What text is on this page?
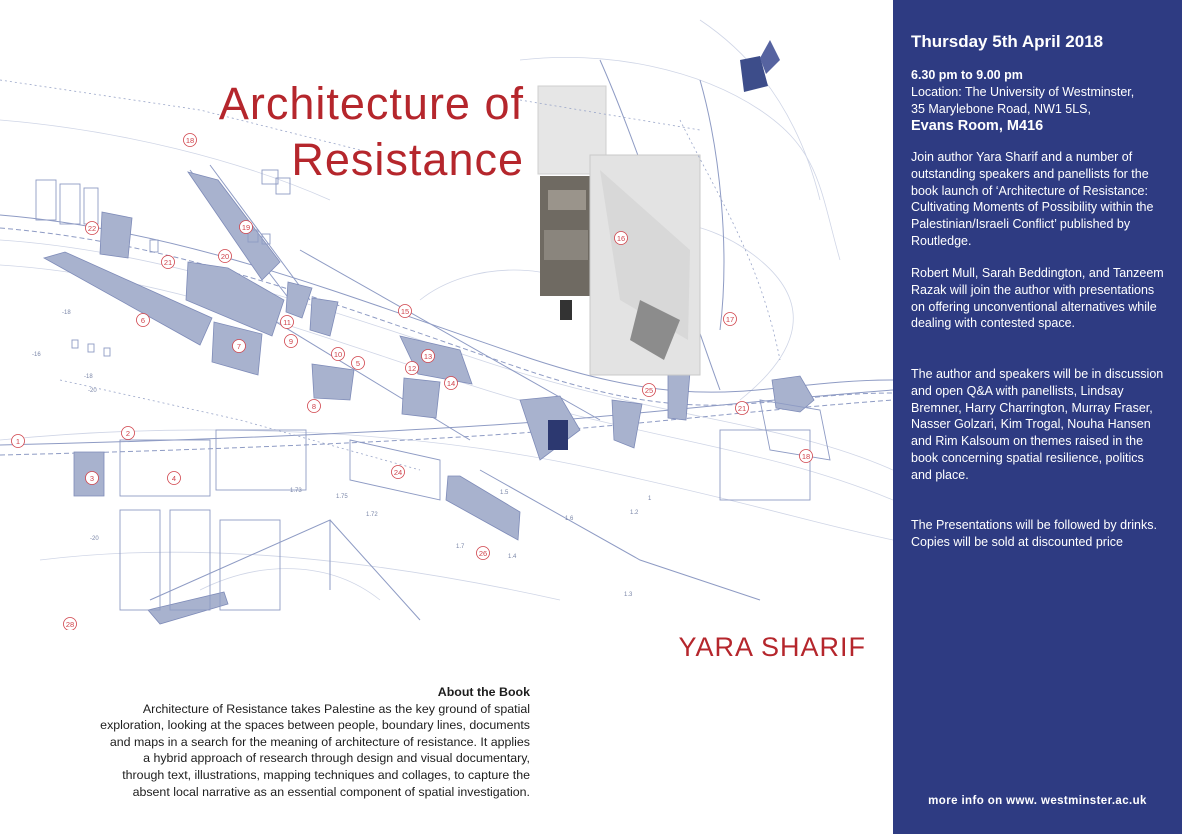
18
22
21
20
19
6
7
11
9
10
8
5
15
13
12
14
4
3
2
1
24
25
26
17
21
18
16
28
1.73
1.75
1.72
1.7
1.5
1.2
1
1.6
1.4
1.3
-18
-16
-18
-20
-20
Architecture of
Resistance
YARA SHARIF
About the Book
Architecture of Resistance takes Palestine as the key ground of spatial exploration, looking at the spaces between people, boundary lines, documents and maps in a search for the meaning of architecture of resistance. It applies a hybrid approach of research through design and visual documentary, through text, illustrations, mapping techniques and collages, to capture the absent local narrative as an essential component of spatial investigation.
Thursday 5th April 2018
6.30 pm to 9.00 pm
Location: The University of Westminster,
35 Marylebone Road, NW1 5LS,
Evans Room, M416
Join author Yara Sharif and a number of outstanding speakers and panellists for the book launch of ‘Architecture of Resistance: Cultivating Moments of Possibility within the Palestinian/Israeli Conflict’ published by Routledge.
Robert Mull, Sarah Beddington, and Tanzeem Razak will join the author with presentations on offering unconventional alternatives while dealing with contested space.
The author and speakers will be in discussion and open Q&A with panellists, Lindsay Bremner, Harry Charrington, Murray Fraser, Nasser Golzari, Kim Trogal, Nouha Hansen and Rim Kalsoum on themes raised in the book concerning spatial resilience, politics and place.
The Presentations will be followed by drinks. Copies will be sold at discounted price
more info on www. westminster.ac.uk
